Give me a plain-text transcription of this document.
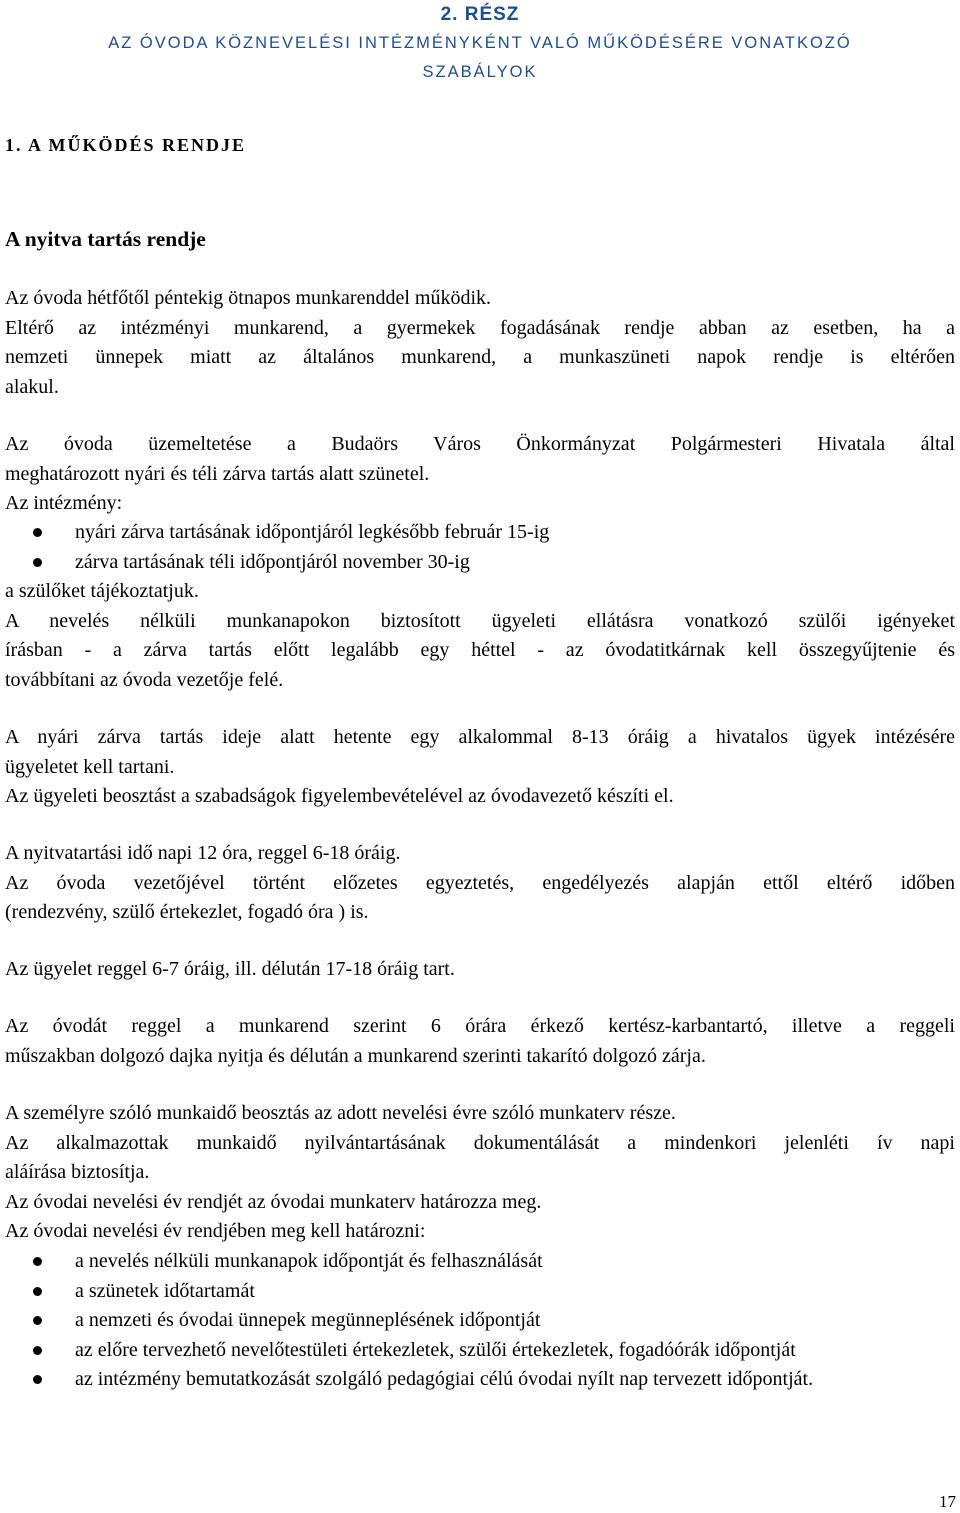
2. RÉSZ
AZ ÓVODA KÖZNEVELÉSI INTÉZMÉNYKÉNT VALÓ MŰKÖDÉSÉRE VONATKOZÓ
SZABÁLYOK
1. A MŰKÖDÉS RENDJE
A nyitva tartás rendje
Az óvoda hétfőtől péntekig ötnapos munkarenddel működik.
Eltérő az intézményi munkarend, a gyermekek fogadásának rendje abban az esetben, ha a
nemzeti ünnepek miatt az általános munkarend, a munkaszüneti napok rendje is eltérően
alakul.
Az óvoda üzemeltetése a Budaörs Város Önkormányzat Polgármesteri Hivatala által
meghatározott nyári és téli zárva tartás alatt szünetel.
Az intézmény:
nyári zárva tartásának időpontjáról legkésőbb február 15-ig
zárva tartásának téli időpontjáról november 30-ig
a szülőket tájékoztatjuk.
A nevelés nélküli munkanapokon biztosított ügyeleti ellátásra vonatkozó szülői igényeket
írásban - a zárva tartás előtt legalább egy héttel - az óvodatitkárnak kell összegyűjtenie és
továbbítani az óvoda vezetője felé.
A nyári zárva tartás ideje alatt hetente egy alkalommal 8-13 óráig a hivatalos ügyek intézésére
ügyeletet kell tartani.
Az ügyeleti beosztást a szabadságok figyelembevételével az óvodavezető készíti el.
A nyitvatartási idő napi 12 óra, reggel 6-18 óráig.
Az óvoda vezetőjével történt előzetes egyeztetés, engedélyezés alapján ettől eltérő időben
(rendezvény, szülő értekezlet, fogadó óra ) is.
Az ügyelet reggel 6-7 óráig, ill. délután 17-18 óráig tart.
Az óvodát reggel a munkarend szerint 6 órára érkező kertész-karbantartó, illetve a reggeli
műszakban dolgozó dajka nyitja és délután a munkarend szerinti takarító dolgozó zárja.
A személyre szóló munkaidő beosztás az adott nevelési évre szóló munkaterv része.
Az alkalmazottak munkaidő nyilvántartásának dokumentálását a mindenkori jelenléti ív napi
aláírása biztosítja.
Az óvodai nevelési év rendjét az óvodai munkaterv határozza meg.
Az óvodai nevelési év rendjében meg kell határozni:
a nevelés nélküli munkanapok időpontját és felhasználását
a szünetek időtartamát
a nemzeti és óvodai ünnepek megünneplésének időpontját
az előre tervezhető nevelőtestületi értekezletek, szülői értekezletek, fogadóórák időpontját
az intézmény bemutatkozását szolgáló pedagógiai célú óvodai nyílt nap tervezett időpontját.
17
